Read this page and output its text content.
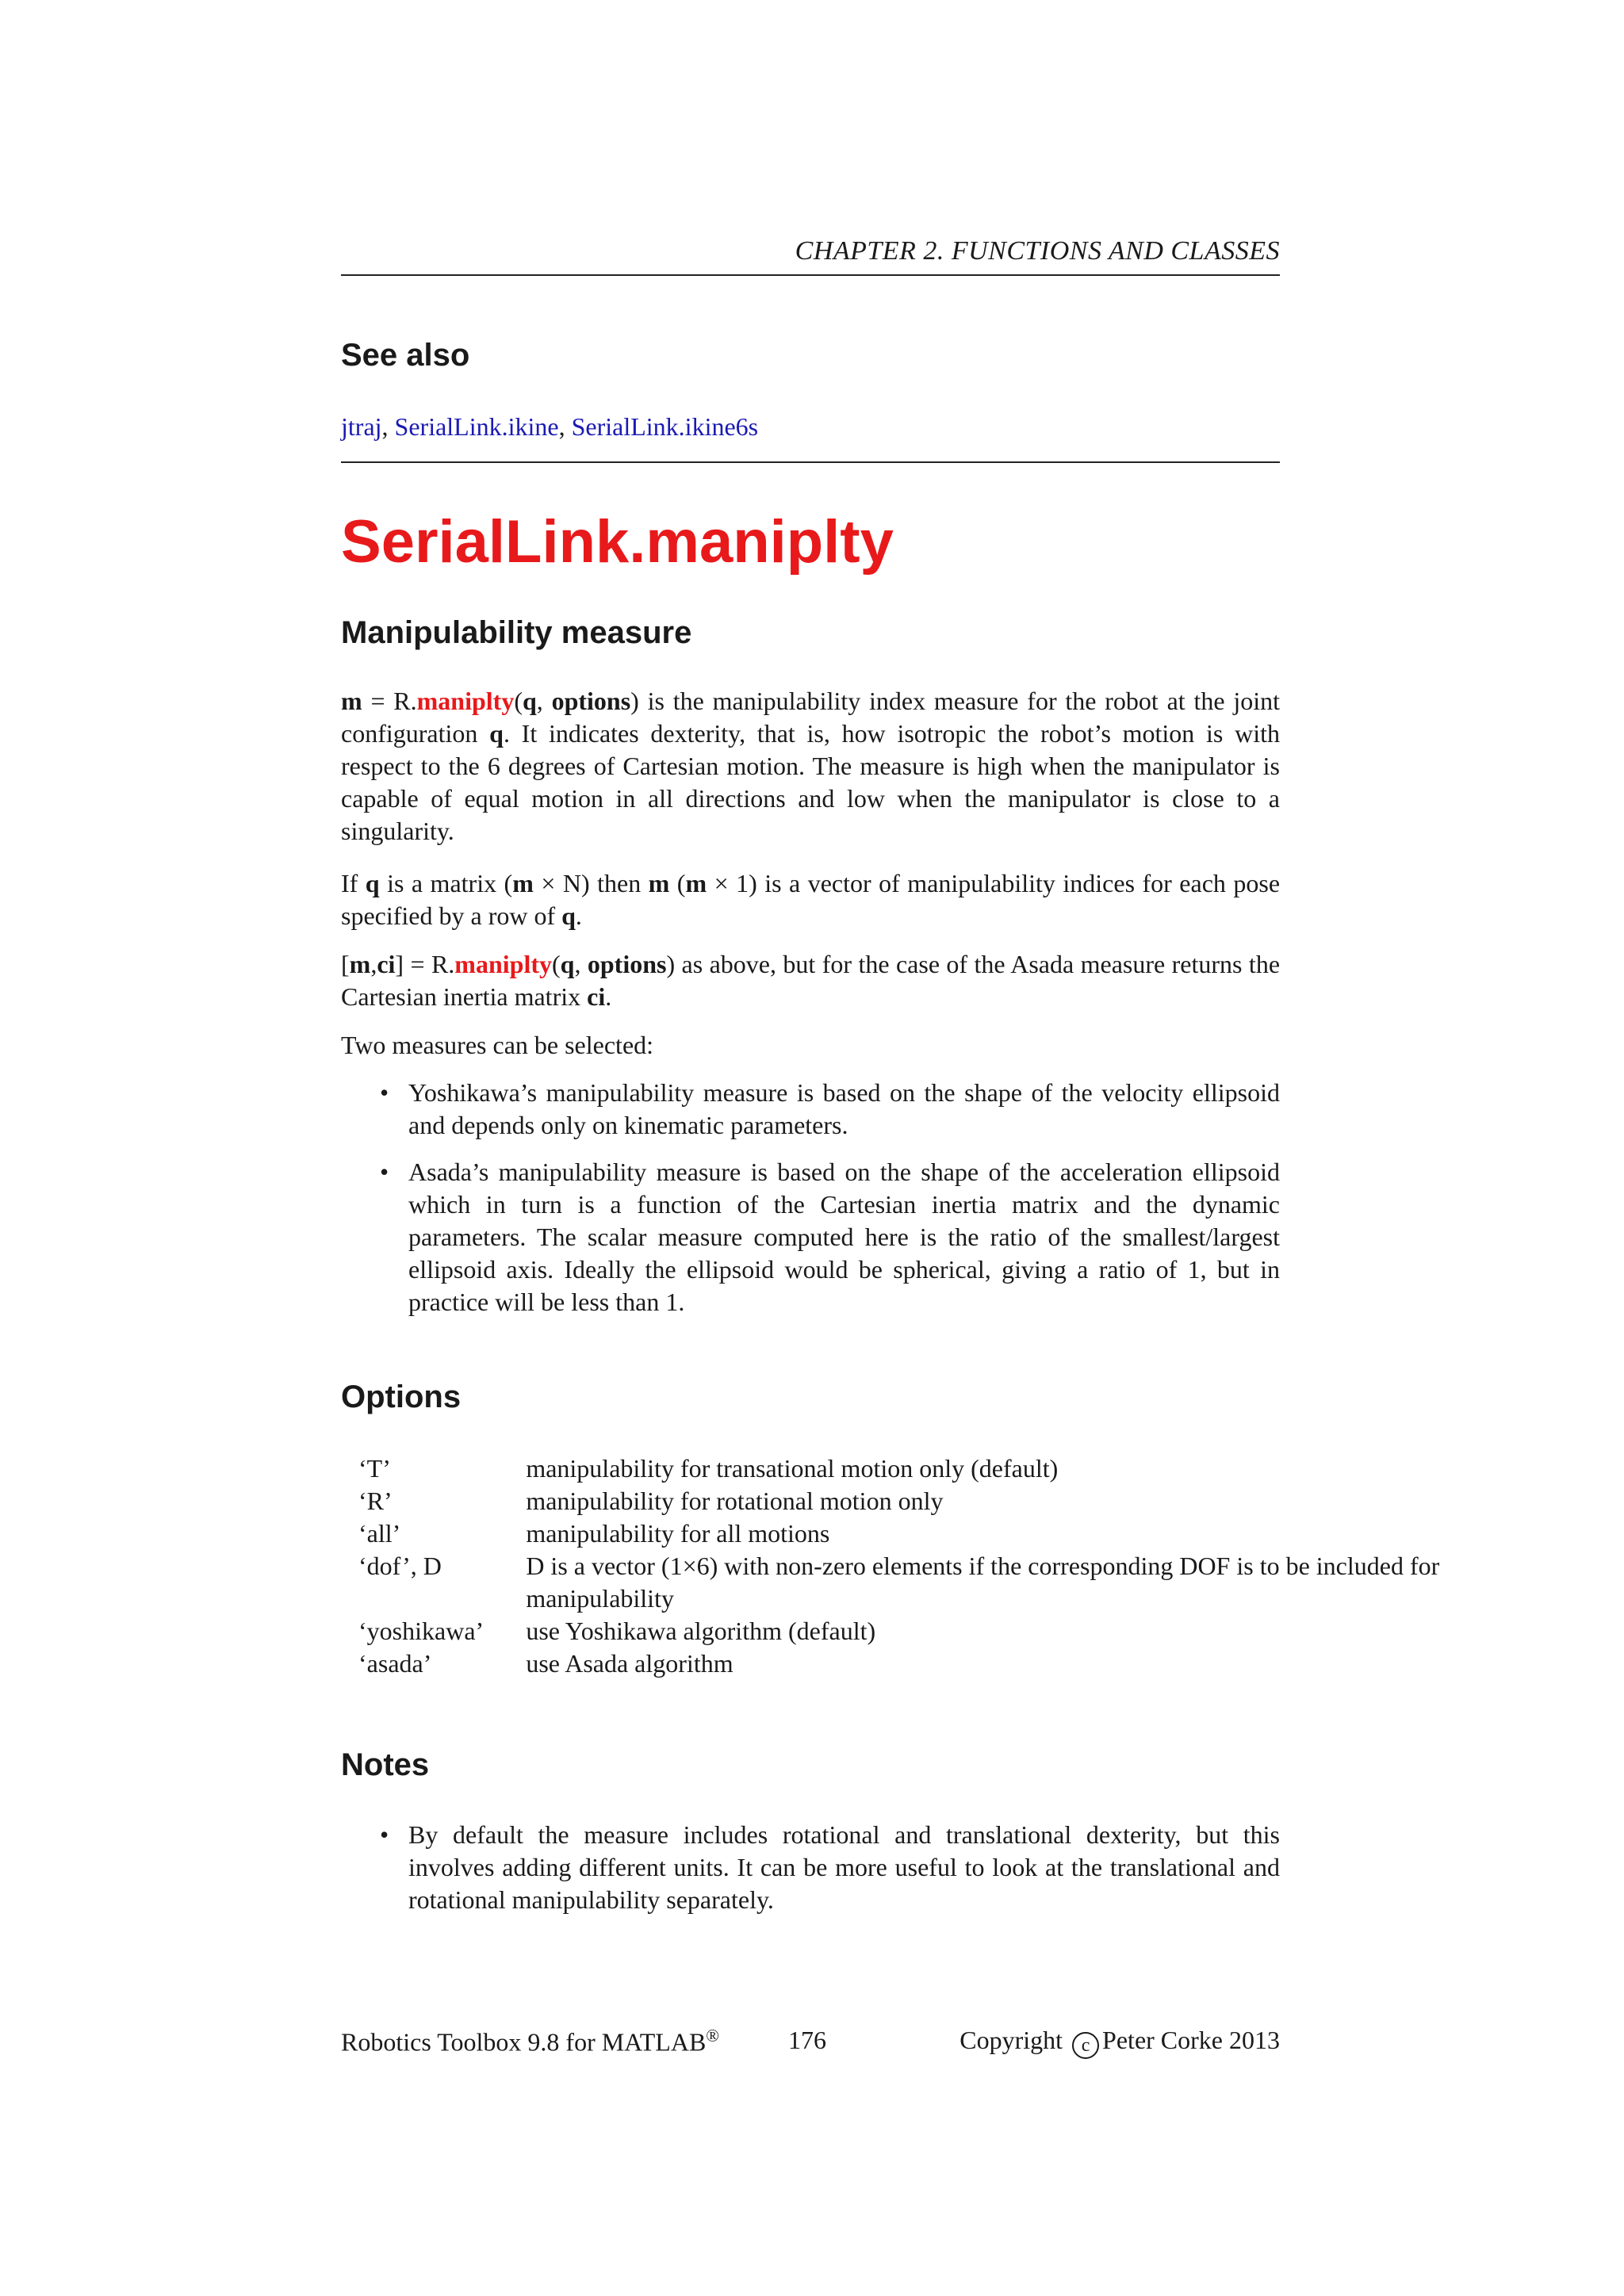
CHAPTER 2. FUNCTIONS AND CLASSES
See also
jtraj, SerialLink.ikine, SerialLink.ikine6s
SerialLink.maniplty
Manipulability measure
m = R.maniplty(q, options) is the manipulability index measure for the robot at the joint configuration q. It indicates dexterity, that is, how isotropic the robot’s motion is with respect to the 6 degrees of Cartesian motion. The measure is high when the manipulator is capable of equal motion in all directions and low when the manipulator is close to a singularity.
If q is a matrix (m × N) then m (m × 1) is a vector of manipulability indices for each pose specified by a row of q.
[m,ci] = R.maniplty(q, options) as above, but for the case of the Asada measure returns the Cartesian inertia matrix ci.
Two measures can be selected:
• Yoshikawa’s manipulability measure is based on the shape of the velocity ellipsoid and depends only on kinematic parameters.
• Asada’s manipulability measure is based on the shape of the acceleration ellipsoid which in turn is a function of the Cartesian inertia matrix and the dynamic parameters. The scalar measure computed here is the ratio of the smallest/largest ellipsoid axis. Ideally the ellipsoid would be spherical, giving a ratio of 1, but in practice will be less than 1.
Options
‘T’	manipulability for transational motion only (default)
‘R’	manipulability for rotational motion only
‘all’	manipulability for all motions
‘dof’, D	D is a vector (1×6) with non-zero elements if the corresponding DOF is to be included for manipulability
‘yoshikawa’	use Yoshikawa algorithm (default)
‘asada’	use Asada algorithm
Notes
• By default the measure includes rotational and translational dexterity, but this involves adding different units. It can be more useful to look at the translational and rotational manipulability separately.
Robotics Toolbox 9.8 for MATLAB®	176	Copyright c Peter Corke 2013
